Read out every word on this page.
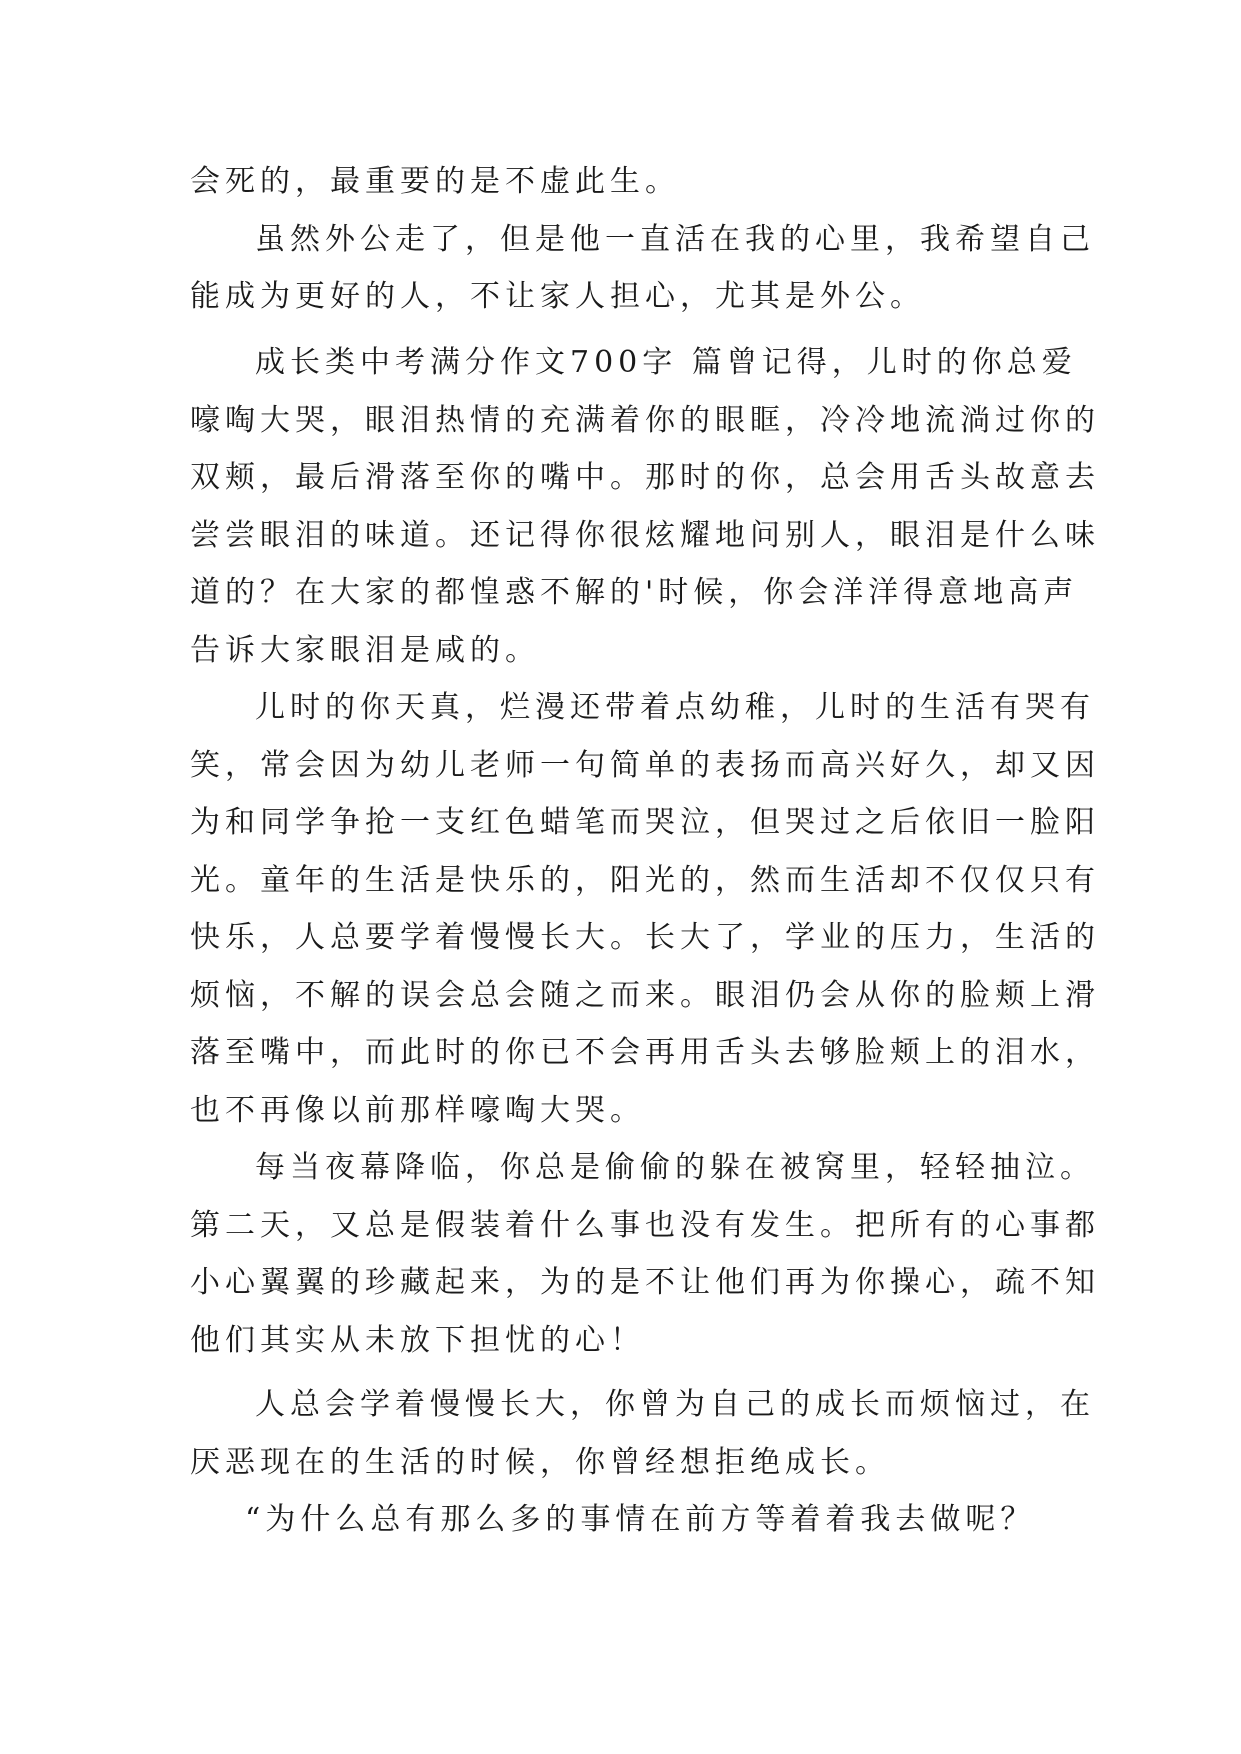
会死的，最重要的是不虚此生。
虽然外公走了，但是他一直活在我的心里，我希望自己
能成为更好的人，不让家人担心，尤其是外公。
成长类中考满分作文700字 篇曾记得，儿时的你总爱
嚎啕大哭，眼泪热情的充满着你的眼眶，冷冷地流淌过你的
双颊，最后滑落至你的嘴中。那时的你，总会用舌头故意去
尝尝眼泪的味道。还记得你很炫耀地问别人，眼泪是什么味
道的？在大家的都惶惑不解的'时候，你会洋洋得意地高声
告诉大家眼泪是咸的。
儿时的你天真，烂漫还带着点幼稚，儿时的生活有哭有
笑，常会因为幼儿老师一句简单的表扬而高兴好久，却又因
为和同学争抢一支红色蜡笔而哭泣，但哭过之后依旧一脸阳
光。童年的生活是快乐的，阳光的，然而生活却不仅仅只有
快乐，人总要学着慢慢长大。长大了，学业的压力，生活的
烦恼，不解的误会总会随之而来。眼泪仍会从你的脸颊上滑
落至嘴中，而此时的你已不会再用舌头去够脸颊上的泪水，
也不再像以前那样嚎啕大哭。
每当夜幕降临，你总是偷偷的躲在被窝里，轻轻抽泣。
第二天，又总是假装着什么事也没有发生。把所有的心事都
小心翼翼的珍藏起来，为的是不让他们再为你操心，疏不知
他们其实从未放下担忧的心！
人总会学着慢慢长大，你曾为自己的成长而烦恼过，在
厌恶现在的生活的时候，你曾经想拒绝成长。
“为什么总有那么多的事情在前方等着着我去做呢？
